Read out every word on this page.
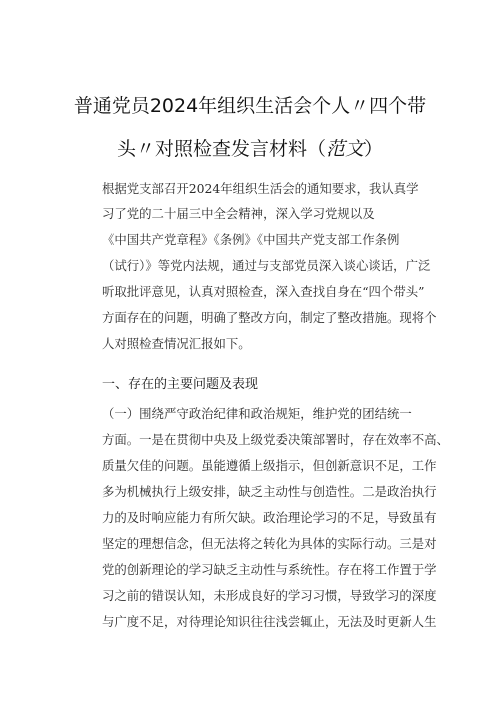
普通党员2024年组织生活会个人〃四个带
头〃对照检查发言材料（范文）
根据党支部召开2024年组织生活会的通知要求，我认真学
习了党的二十届三中全会精神，深入学习党规以及
《中国共产党章程》《条例》《中国共产党支部工作条例
（试行）》等党内法规，通过与支部党员深入谈心谈话，广泛
听取批评意见，认真对照检查，深入查找自身在“四个带头”
方面存在的问题，明确了整改方向，制定了整改措施。现将个
人对照检查情况汇报如下。
一、存在的主要问题及表现
（一）围绕严守政治纪律和政治规矩，维护党的团结统一
方面。一是在贯彻中央及上级党委决策部署时，存在效率不高、
质量欠佳的问题。虽能遵循上级指示，但创新意识不足，工作
多为机械执行上级安排，缺乏主动性与创造性。二是政治执行
力的及时响应能力有所欠缺。政治理论学习的不足，导致虽有
坚定的理想信念，但无法将之转化为具体的实际行动。三是对
党的创新理论的学习缺乏主动性与系统性。存在将工作置于学
习之前的错误认知，未形成良好的学习习惯，导致学习的深度
与广度不足，对待理论知识往往浅尝辄止，无法及时更新人生
